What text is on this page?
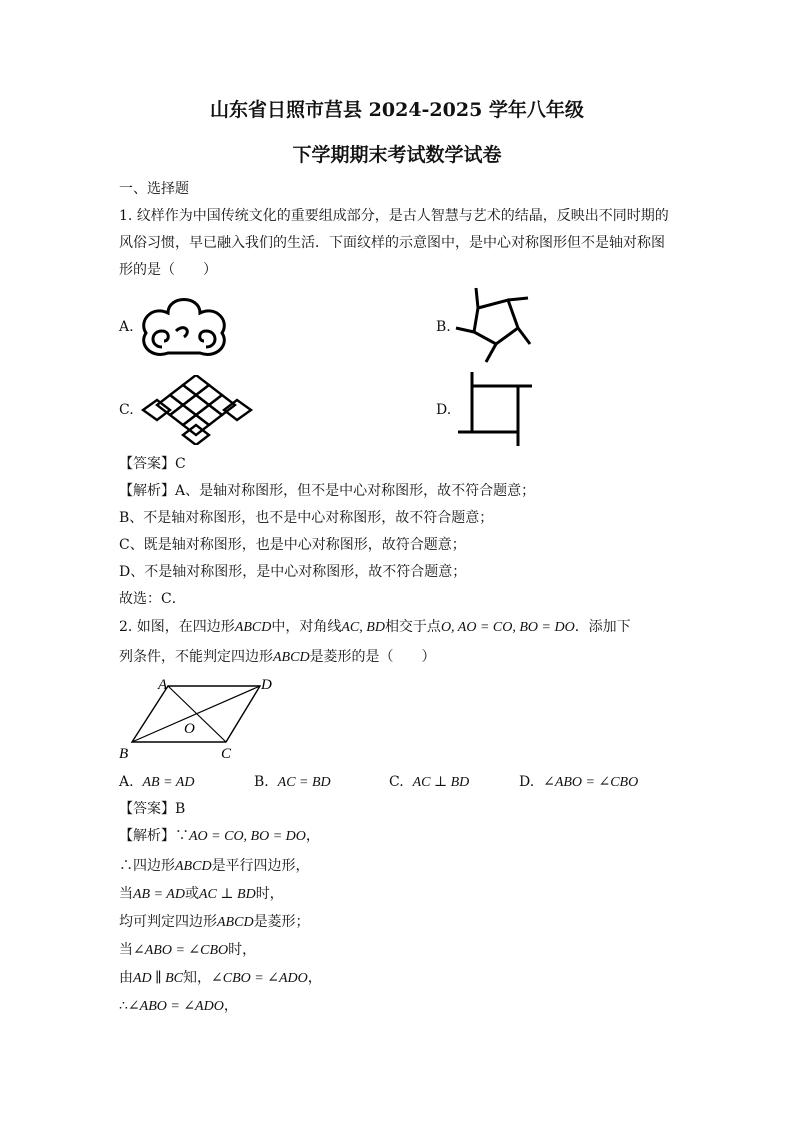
山东省日照市莒县 2024-2025 学年八年级
下学期期末考试数学试卷
一、选择题
1. 纹样作为中国传统文化的重要组成部分，是古人智慧与艺术的结晶，反映出不同时期的
风俗习惯，早已融入我们的生活．下面纹样的示意图中，是中心对称图形但不是轴对称图
形的是（　　）
A.	B.
C.	D.
【答案】C
【解析】A、是轴对称图形，但不是中心对称图形，故不符合题意；
B、不是轴对称图形，也不是中心对称图形，故不符合题意；
C、既是轴对称图形，也是中心对称图形，故符合题意；
D、不是轴对称图形，是中心对称图形，故不符合题意；
故选：C．
2. 如图，在四边形ABCD中，对角线AC, BD相交于点O, AO = CO, BO = DO．添加下
列条件，不能判定四边形ABCD是菱形的是（　　）
A	D
B	C
O
A. AB = AD	B. AC = BD	C. AC ⊥ BD	D. ∠ABO = ∠CBO
【答案】B
【解析】∵AO = CO, BO = DO，
∴四边形ABCD是平行四边形，
当AB = AD或AC ⊥ BD时，
均可判定四边形ABCD是菱形；
当∠ABO = ∠CBO时，
由AD ∥ BC知，∠CBO = ∠ADO，
∴∠ABO = ∠ADO，
